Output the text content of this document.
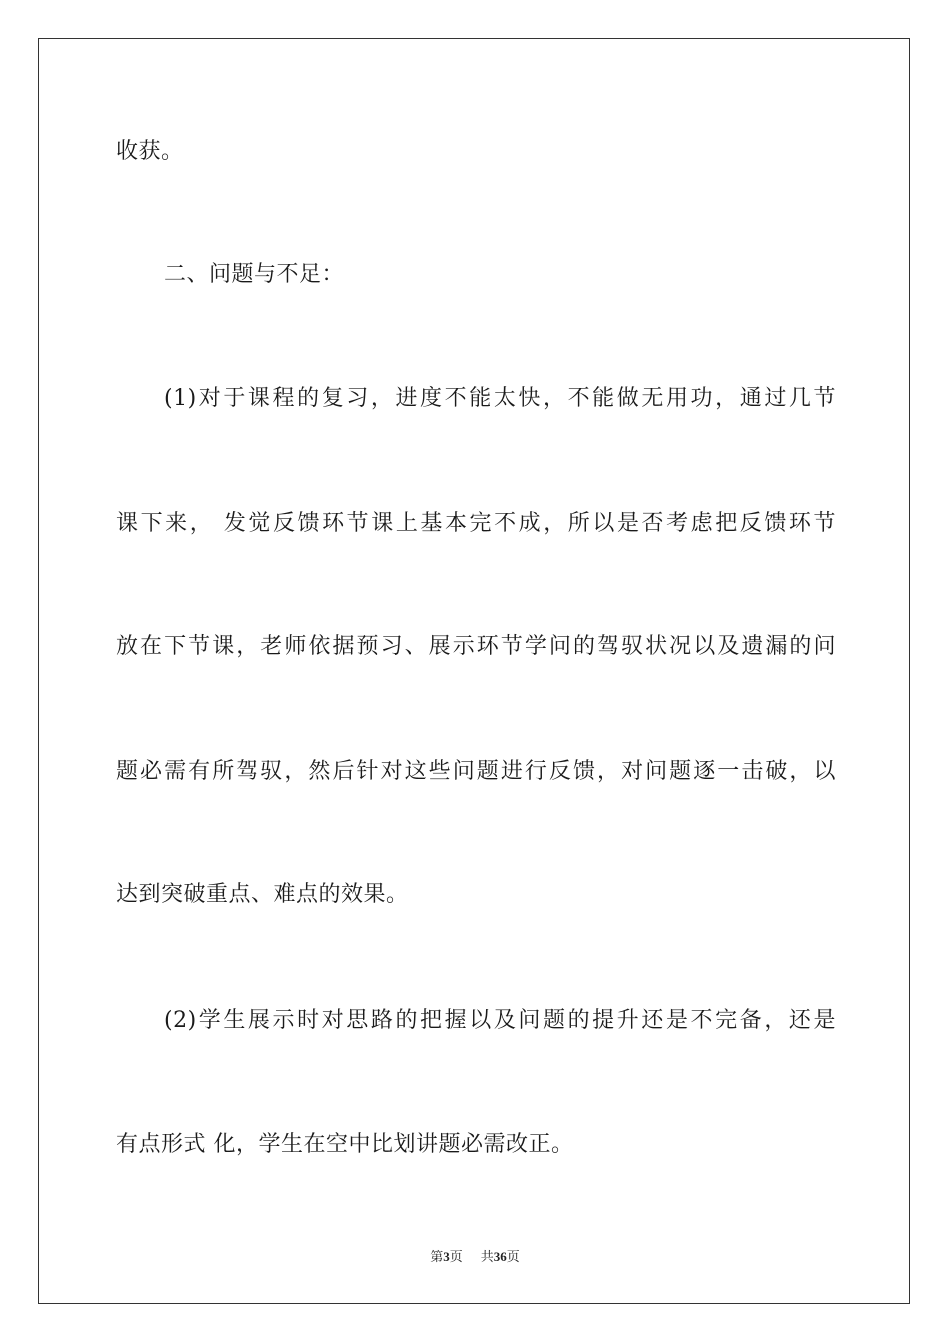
收获。
二、问题与不足：
(1)对于课程的复习，进度不能太快，不能做无用功，通过几节
课下来， 发觉反馈环节课上基本完不成，所以是否考虑把反馈环节
放在下节课，老师依据预习、展示环节学问的驾驭状况以及遗漏的问
题必需有所驾驭，然后针对这些问题进行反馈，对问题逐一击破，以
达到突破重点、难点的效果。
(2)学生展示时对思路的把握以及问题的提升还是不完备，还是
有点形式 化，学生在空中比划讲题必需改正。
第3页 共36页
